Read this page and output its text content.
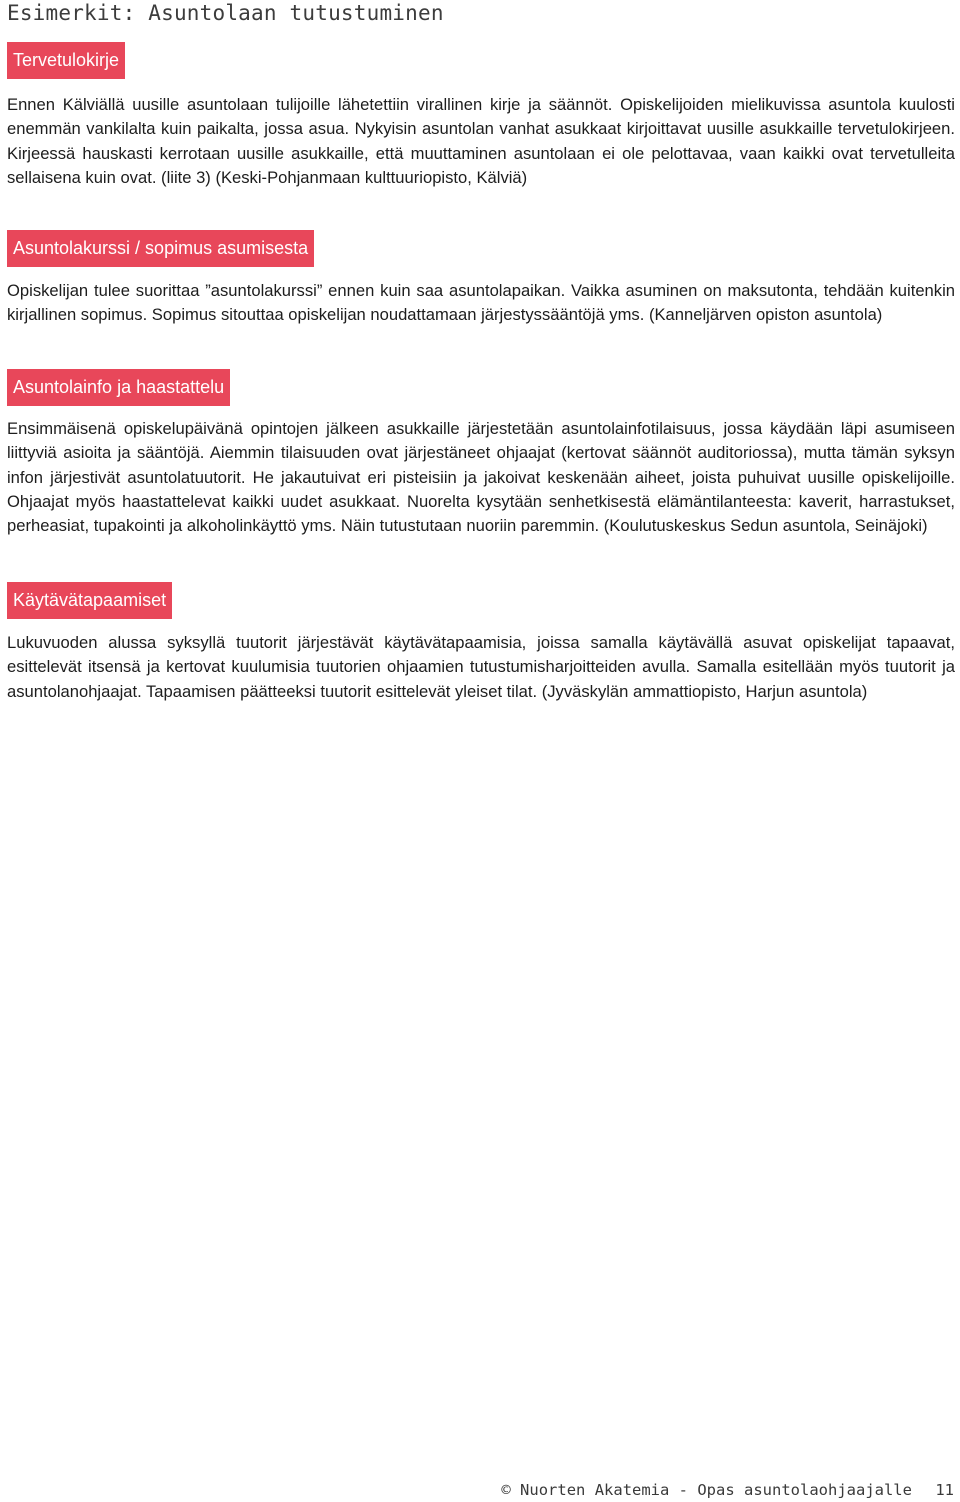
Esimerkit: Asuntolaan tutustuminen
Tervetulokirje

Ennen Kälviällä uusille asuntolaan tulijoille lähetettiin virallinen kirje ja säännöt. Opiskelijoiden mielikuvissa asuntola kuulosti enemmän vankilalta kuin paikalta, jossa asua. Nykyisin asuntolan vanhat asukkaat kirjoittavat uusille asukkaille tervetulokirjeen. Kirjeessä hauskasti kerrotaan uusille asukkaille, että muuttaminen asuntolaan ei ole pelottavaa, vaan kaikki ovat tervetulleita sellaisena kuin ovat. (liite 3) (Keski-Pohjanmaan kulttuuriopisto, Kälviä)

Asuntolakurssi / sopimus asumisesta

Opiskelijan tulee suorittaa ”asuntolakurssi” ennen kuin saa asuntolapaikan. Vaikka asuminen on maksutonta, tehdään kuitenkin kirjallinen sopimus. Sopimus sitouttaa opiskelijan noudattamaan järjestyssääntöjä yms. (Kanneljärven opiston asuntola)

Asuntolainfo ja haastattelu

Ensimmäisenä opiskelupäivänä opintojen jälkeen asukkaille järjestetään asuntolainfotilaisuus, jossa käydään läpi asumiseen liittyviä asioita ja sääntöjä. Aiemmin tilaisuuden ovat järjestäneet ohjaajat (kertovat säännöt auditoriossa), mutta tämän syksyn infon järjestivät asuntolatuutorit. He jakautuivat eri pisteisiin ja jakoivat keskenään aiheet, joista puhuivat uusille opiskelijoille. Ohjaajat myös haastattelevat kaikki uudet asukkaat. Nuorelta kysytään senhetkisestä elämäntilanteesta: kaverit, harrastukset, perheasiat, tupakointi ja alkoholinkäyttö yms. Näin tutustutaan nuoriin paremmin. (Koulutuskeskus Sedun asuntola, Seinäjoki)

Käytävätapaamiset

Lukuvuoden alussa syksyllä tuutorit järjestävät käytävätapaamisia, joissa samalla käytävällä asuvat opiskelijat tapaavat, esittelevät itsensä ja kertovat kuulumisia tuutorien ohjaamien tutustumisharjoitteiden avulla. Samalla esitellään myös tuutorit ja asuntolanohjaajat. Tapaamisen päätteeksi tuutorit esittelevät yleiset tilat. (Jyväskylän ammattiopisto, Harjun asuntola)

© Nuorten Akatemia - Opas asuntolaohjaajalle 11
